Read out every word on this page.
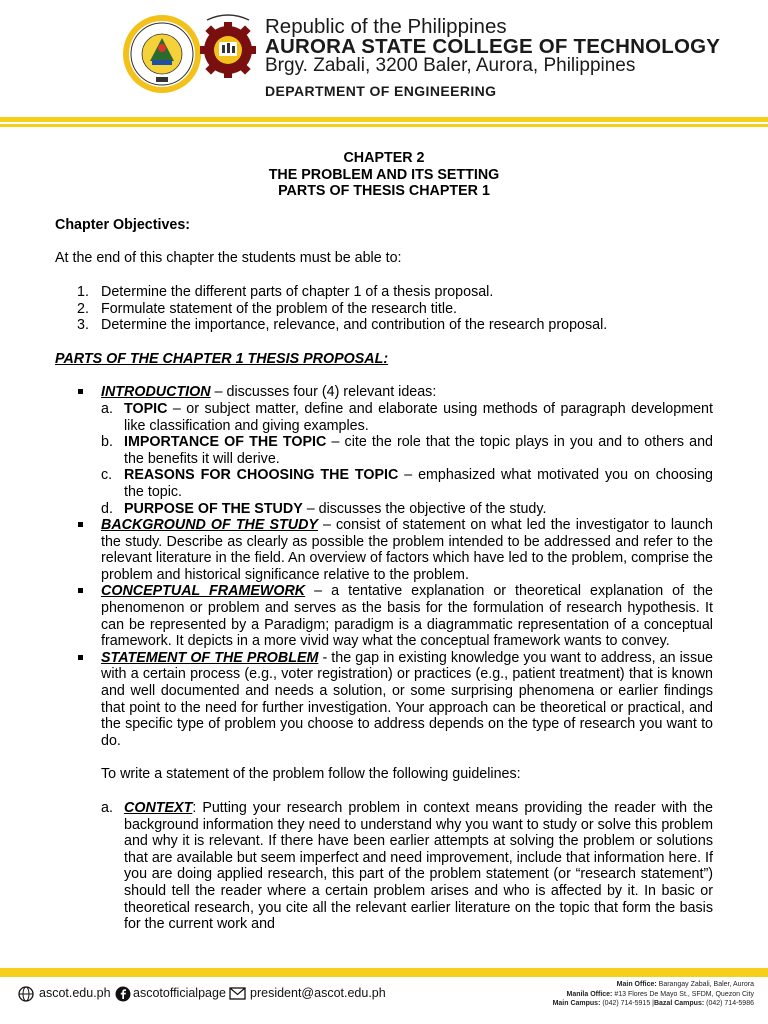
Republic of the Philippines
AURORA STATE COLLEGE OF TECHNOLOGY
Brgy. Zabali, 3200 Baler, Aurora, Philippines
DEPARTMENT OF ENGINEERING
CHAPTER 2
THE PROBLEM AND ITS SETTING
PARTS OF THESIS CHAPTER 1
Chapter Objectives:
At the end of this chapter the students must be able to:
1. Determine the different parts of chapter 1 of a thesis proposal.
2. Formulate statement of the problem of the research title.
3. Determine the importance, relevance, and contribution of the research proposal.
PARTS OF THE CHAPTER 1 THESIS PROPOSAL:
INTRODUCTION – discusses four (4) relevant ideas:
a. TOPIC – or subject matter, define and elaborate using methods of paragraph development like classification and giving examples.
b. IMPORTANCE OF THE TOPIC – cite the role that the topic plays in you and to others and the benefits it will derive.
c. REASONS FOR CHOOSING THE TOPIC – emphasized what motivated you on choosing the topic.
d. PURPOSE OF THE STUDY – discusses the objective of the study.
BACKGROUND OF THE STUDY – consist of statement on what led the investigator to launch the study. Describe as clearly as possible the problem intended to be addressed and refer to the relevant literature in the field. An overview of factors which have led to the problem, comprise the problem and historical significance relative to the problem.
CONCEPTUAL FRAMEWORK – a tentative explanation or theoretical explanation of the phenomenon or problem and serves as the basis for the formulation of research hypothesis. It can be represented by a Paradigm; paradigm is a diagrammatic representation of a conceptual framework. It depicts in a more vivid way what the conceptual framework wants to convey.
STATEMENT OF THE PROBLEM - the gap in existing knowledge you want to address, an issue with a certain process (e.g., voter registration) or practices (e.g., patient treatment) that is known and well documented and needs a solution, or some surprising phenomena or earlier findings that point to the need for further investigation. Your approach can be theoretical or practical, and the specific type of problem you choose to address depends on the type of research you want to do.
To write a statement of the problem follow the following guidelines:
a. CONTEXT: Putting your research problem in context means providing the reader with the background information they need to understand why you want to study or solve this problem and why it is relevant. If there have been earlier attempts at solving the problem or solutions that are available but seem imperfect and need improvement, include that information here. If you are doing applied research, this part of the problem statement (or “research statement”) should tell the reader where a certain problem arises and who is affected by it. In basic or theoretical research, you cite all the relevant earlier literature on the topic that form the basis for the current work and
ascot.edu.ph ascotofficialpage president@ascot.edu.ph
Main Office: Barangay Zabali, Baler, Aurora
Manila Office: #13 Flores De Mayo St., SFDM, Quezon City
Main Campus: (042) 714-5915 |Bazal Campus: (042) 714-5986
